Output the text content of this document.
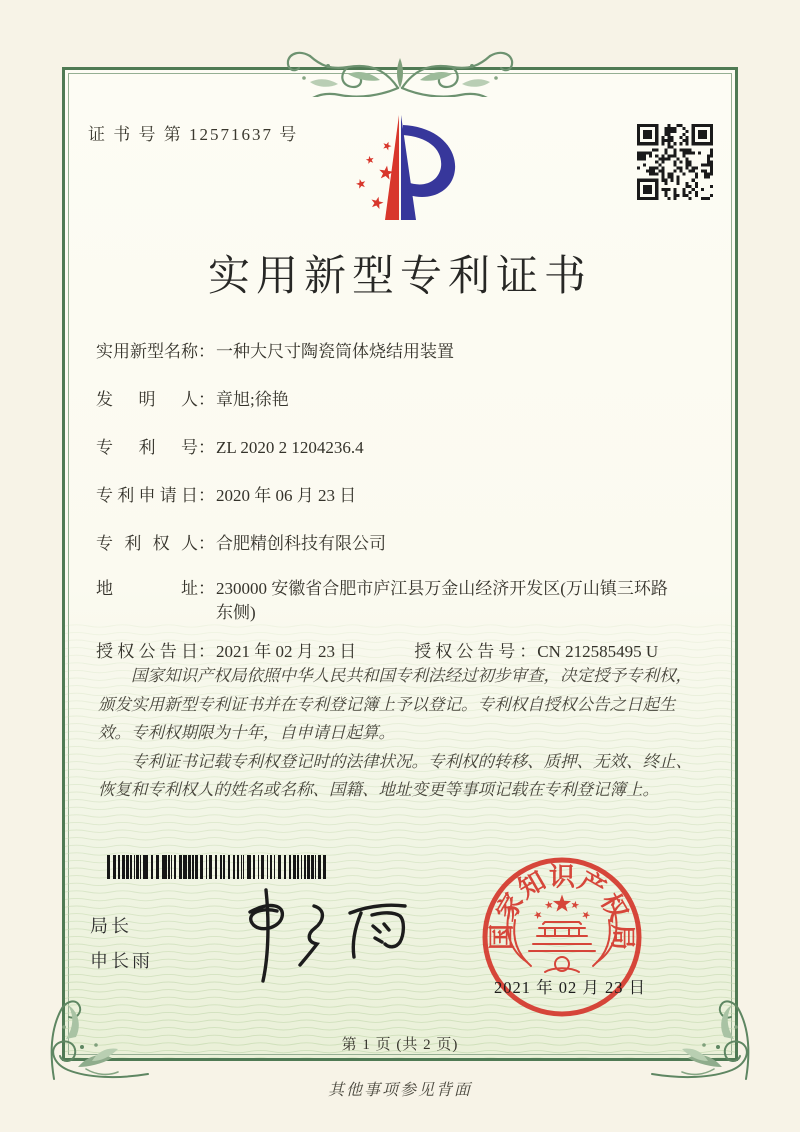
证 书 号 第 12571637 号
实用新型专利证书
实用新型名称 ： 一种大尺寸陶瓷筒体烧结用装置
发明人 ： 章旭;徐艳
专利号 ： ZL 2020 2 1204236.4
专利申请日 ： 2020 年 06 月 23 日
专利权人 ： 合肥精创科技有限公司
地址 ： 230000 安徽省合肥市庐江县万金山经济开发区(万山镇三环路东侧)
授权公告日 ： 2021 年 02 月 23 日	授权公告号 ： CN 212585495 U

国家知识产权局依照中华人民共和国专利法经过初步审查，决定授予专利权，颁发实用新型专利证书并在专利登记簿上予以登记。专利权自授权公告之日起生效。专利权期限为十年，自申请日起算。

专利证书记载专利权登记时的法律状况。专利权的转移、质押、无效、终止、恢复和专利权人的姓名或名称、国籍、地址变更等事项记载在专利登记簿上。

局长
申长雨
国
家
知
识
产
权
局
2021 年 02 月 23 日
第 1 页 (共 2 页)
其他事项参见背面
